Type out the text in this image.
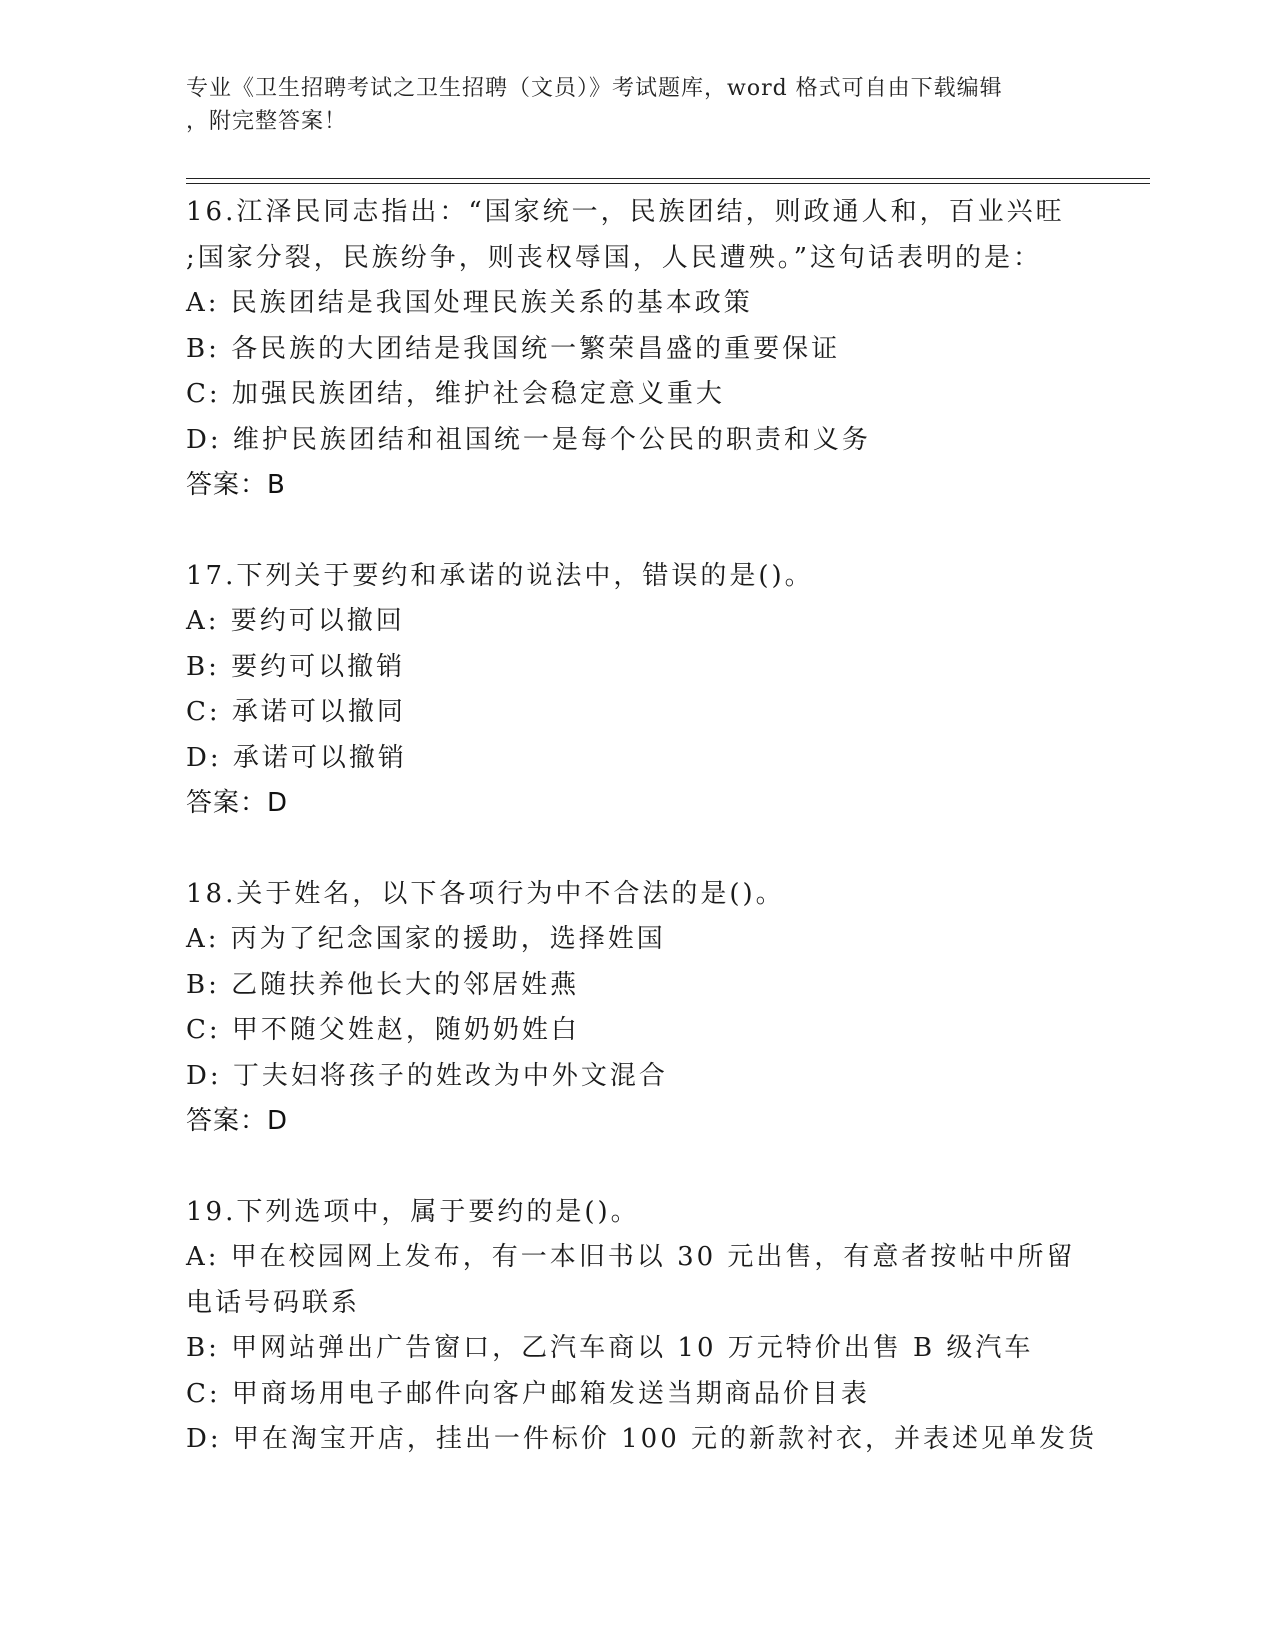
专业《卫生招聘考试之卫生招聘（文员）》考试题库，word 格式可自由下载编辑
，附完整答案！
16.江泽民同志指出：“国家统一，民族团结，则政通人和，百业兴旺
;国家分裂，民族纷争，则丧权辱国，人民遭殃。”这句话表明的是：
A: 民族团结是我国处理民族关系的基本政策
B: 各民族的大团结是我国统一繁荣昌盛的重要保证
C: 加强民族团结，维护社会稳定意义重大
D: 维护民族团结和祖国统一是每个公民的职责和义务
答案：B
17.下列关于要约和承诺的说法中，错误的是()。
A: 要约可以撤回
B: 要约可以撤销
C: 承诺可以撤同
D: 承诺可以撤销
答案：D
18.关于姓名，以下各项行为中不合法的是()。
A: 丙为了纪念国家的援助，选择姓国
B: 乙随扶养他长大的邻居姓燕
C: 甲不随父姓赵，随奶奶姓白
D: 丁夫妇将孩子的姓改为中外文混合
答案：D
19.下列选项中，属于要约的是()。
A: 甲在校园网上发布，有一本旧书以 30 元出售，有意者按帖中所留
电话号码联系
B: 甲网站弹出广告窗口，乙汽车商以 10 万元特价出售 B 级汽车
C: 甲商场用电子邮件向客户邮箱发送当期商品价目表
D: 甲在淘宝开店，挂出一件标价 100 元的新款衬衣，并表述见单发货
